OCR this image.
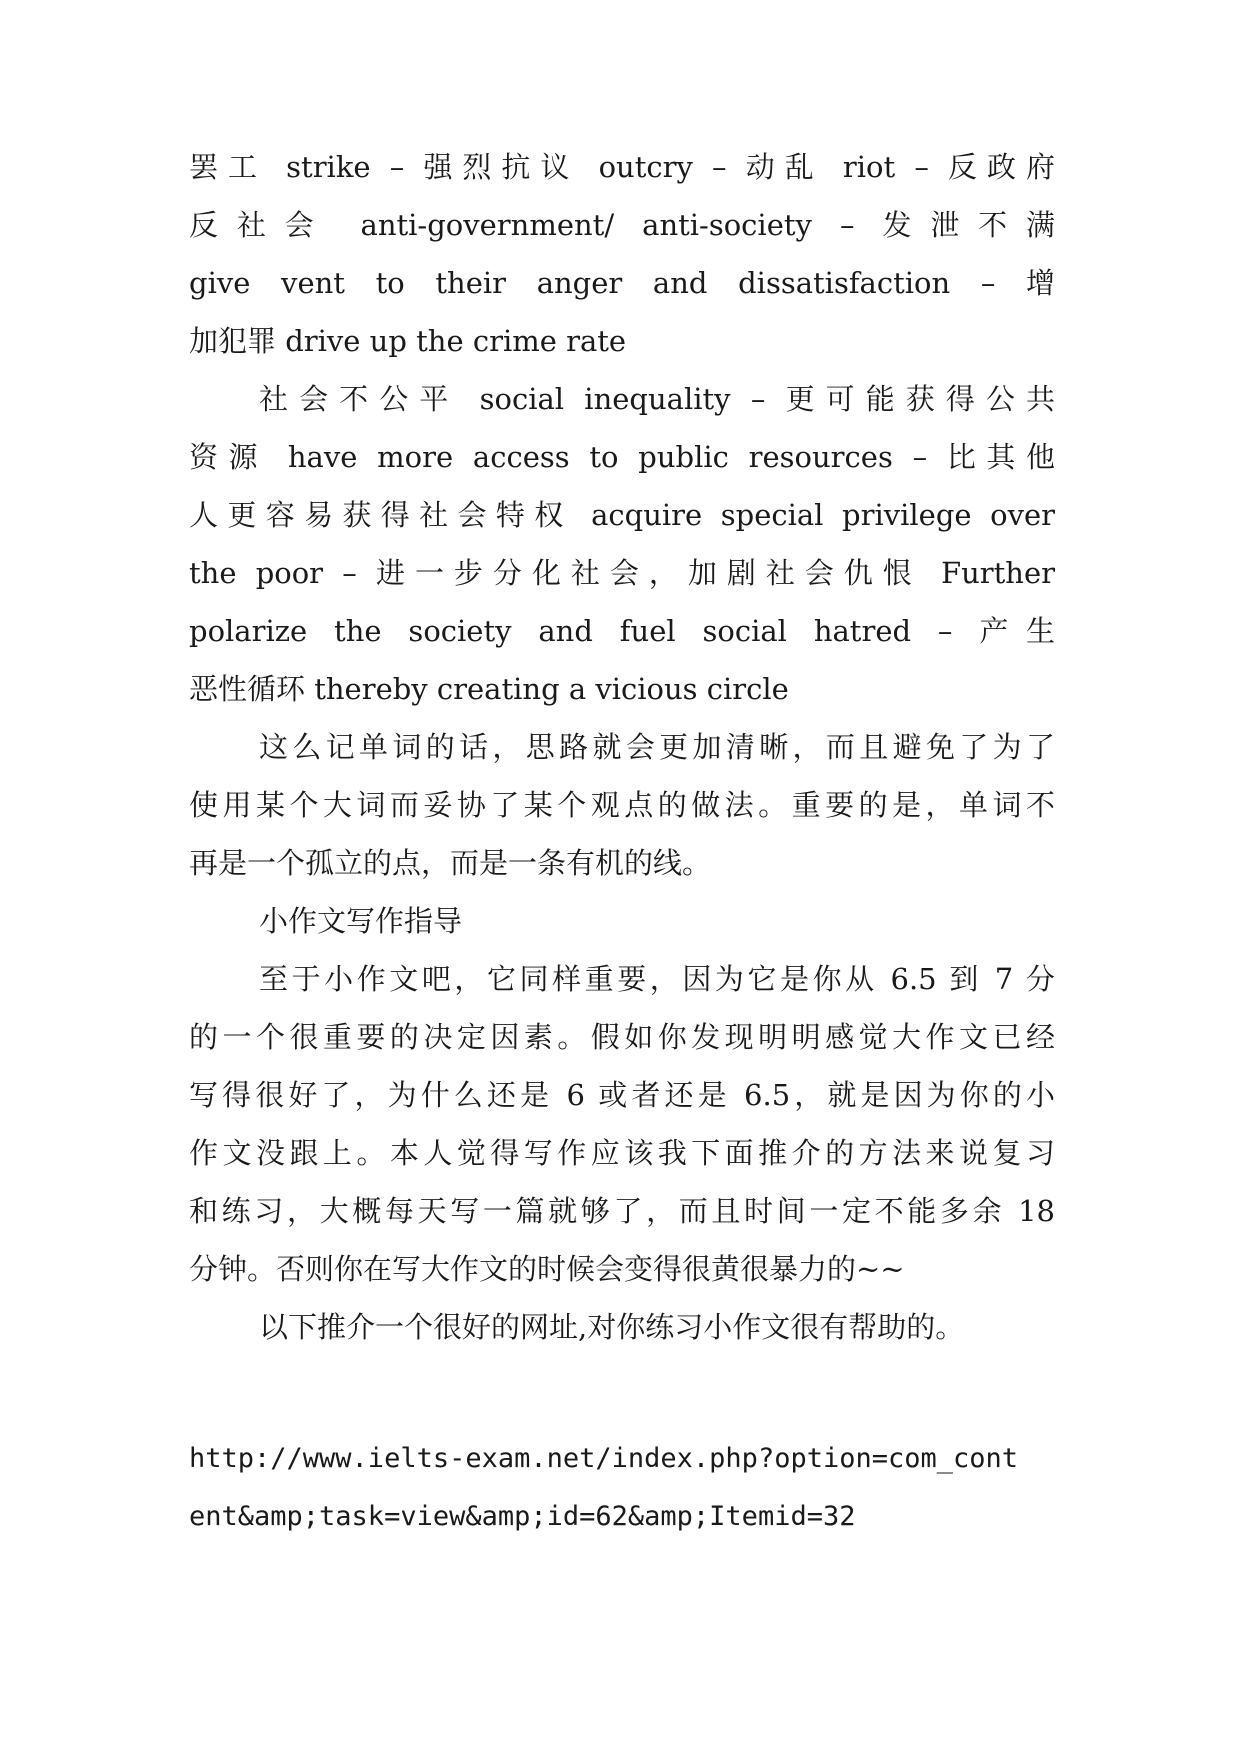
罢工 strike – 强烈抗议 outcry – 动乱 riot – 反政府
反社会 anti-government/ anti-society – 发泄不满
give vent to their anger and dissatisfaction – 增
加犯罪 drive up the crime rate
社会不公平 social inequality – 更可能获得公共
资源 have more access to public resources – 比其他
人更容易获得社会特权 acquire special privilege over
the poor – 进一步分化社会，加剧社会仇恨 Further
polarize the society and fuel social hatred – 产生
恶性循环 thereby creating a vicious circle
这么记单词的话，思路就会更加清晰，而且避免了为了
使用某个大词而妥协了某个观点的做法。重要的是，单词不
再是一个孤立的点，而是一条有机的线。
小作文写作指导
至于小作文吧，它同样重要，因为它是你从 6.5 到 7 分
的一个很重要的决定因素。假如你发现明明感觉大作文已经
写得很好了，为什么还是 6 或者还是 6.5，就是因为你的小
作文没跟上。本人觉得写作应该我下面推介的方法来说复习
和练习，大概每天写一篇就够了，而且时间一定不能多余 18
分钟。否则你在写大作文的时候会变得很黄很暴力的~~
以下推介一个很好的网址,对你练习小作文很有帮助的。
http://www.ielts-exam.net/index.php?option=com_cont
ent&amp;task=view&amp;id=62&amp;Itemid=32
